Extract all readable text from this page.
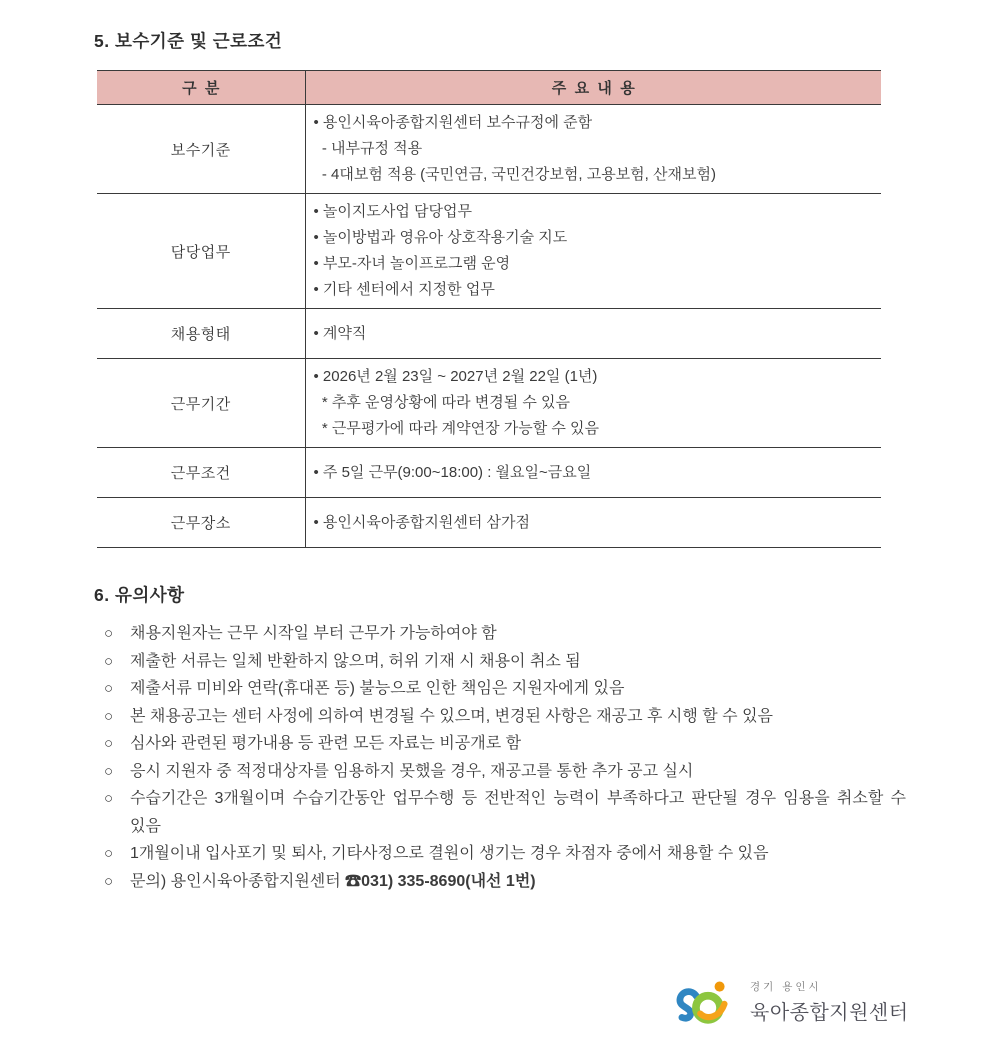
5. 보수기준 및 근로조건
구  분	주  요  내  용
보수기준	• 용인시육아종합지원센터 보수규정에 준함
- 내부규정 적용
- 4대보험 적용 (국민연금, 국민건강보험, 고용보험, 산재보험)

담당업무	• 놀이지도사업 담당업무
• 놀이방법과 영유아 상호작용기술 지도
• 부모-자녀 놀이프로그램 운영
• 기타 센터에서 지정한 업무

채용형태	• 계약직

근무기간	• 2026년 2월 23일 ~ 2027년 2월 22일 (1년)
* 추후 운영상황에 따라 변경될 수 있음
* 근무평가에 따라 계약연장 가능할 수 있음

근무조건	• 주 5일 근무(9:00~18:00) : 월요일~금요일

근무장소	• 용인시육아종합지원센터 삼가점
6. 유의사항
○	채용지원자는 근무 시작일 부터 근무가 가능하여야 함
○	제출한 서류는 일체 반환하지 않으며, 허위 기재 시 채용이 취소 됨
○	제출서류 미비와 연락(휴대폰 등) 불능으로 인한 책임은 지원자에게 있음
○	본 채용공고는 센터 사정에 의하여 변경될 수 있으며, 변경된 사항은 재공고 후 시행 할 수 있음
○	심사와 관련된 평가내용 등 관련 모든 자료는 비공개로 함
○	응시 지원자 중 적정대상자를 임용하지 못했을 경우, 재공고를 통한 추가 공고 실시
○	수습기간은 3개월이며 수습기간동안 업무수행 등 전반적인 능력이 부족하다고 판단될 경우 임용을 취소할 수 있음
○	1개월이내 입사포기 및 퇴사, 기타사정으로 결원이 생기는 경우 차점자 중에서 채용할 수 있음
○	문의) 용인시육아종합지원센터 ☎031) 335-8690(내선 1번)
경기 용인시
육아종합지원센터
